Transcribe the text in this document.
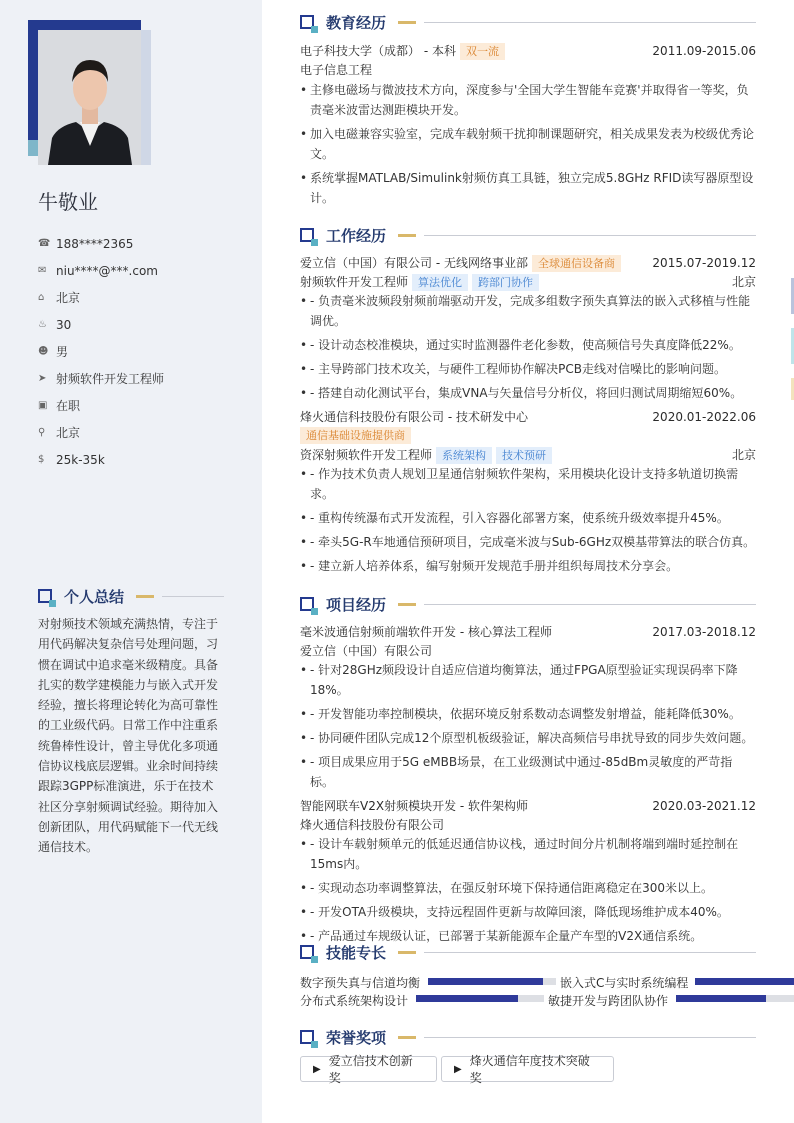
牛敬业
☎ 188****2365
✉ niu****@***.com
⌂ 北京
♨ 30
☻ 男
➤ 射频软件开发工程师
▣ 在职
⚲ 北京
$ 25k-35k
个人总结
对射频技术领域充满热情，专注于用代码解决复杂信号处理问题，习惯在调试中追求毫米级精度。具备扎实的数学建模能力与嵌入式开发经验，擅长将理论转化为高可靠性的工业级代码。日常工作中注重系统鲁棒性设计，曾主导优化多项通信协议栈底层逻辑。业余时间持续跟踪3GPP标准演进，乐于在技术社区分享射频调试经验。期待加入创新团队，用代码赋能下一代无线通信技术。
教育经历
电子科技大学（成都） - 本科 双一流	2011.09-2015.06
电子信息工程
• 主修电磁场与微波技术方向，深度参与'全国大学生智能车竞赛'并取得省一等奖，负责毫米波雷达测距模块开发。
• 加入电磁兼容实验室，完成车载射频干扰抑制课题研究，相关成果发表为校级优秀论文。
• 系统掌握MATLAB/Simulink射频仿真工具链，独立完成5.8GHz RFID读写器原型设计。
工作经历
爱立信（中国）有限公司 - 无线网络事业部 全球通信设备商	2015.07-2019.12
射频软件开发工程师 算法优化 跨部门协作	北京
• - 负责毫米波频段射频前端驱动开发，完成多组数字预失真算法的嵌入式移植与性能调优。
• - 设计动态校准模块，通过实时监测器件老化参数，使高频信号失真度降低22%。
• - 主导跨部门技术攻关，与硬件工程师协作解决PCB走线对信噪比的影响问题。
• - 搭建自动化测试平台，集成VNA与矢量信号分析仪，将回归测试周期缩短60%。
烽火通信科技股份有限公司 - 技术研发中心	2020.01-2022.06
通信基础设施提供商
资深射频软件开发工程师 系统架构 技术预研	北京
• - 作为技术负责人规划卫星通信射频软件架构，采用模块化设计支持多轨道切换需求。
• - 重构传统瀑布式开发流程，引入容器化部署方案，使系统升级效率提升45%。
• - 牵头5G-R车地通信预研项目，完成毫米波与Sub-6GHz双模基带算法的联合仿真。
• - 建立新人培养体系，编写射频开发规范手册并组织每周技术分享会。
项目经历
毫米波通信射频前端软件开发 - 核心算法工程师	2017.03-2018.12
爱立信（中国）有限公司
• - 针对28GHz频段设计自适应信道均衡算法，通过FPGA原型验证实现误码率下降18%。
• - 开发智能功率控制模块，依据环境反射系数动态调整发射增益，能耗降低30%。
• - 协同硬件团队完成12个原型机板级验证，解决高频信号串扰导致的同步失效问题。
• - 项目成果应用于5G eMBB场景，在工业级测试中通过-85dBm灵敏度的严苛指标。
智能网联车V2X射频模块开发 - 软件架构师	2020.03-2021.12
烽火通信科技股份有限公司
• - 设计车载射频单元的低延迟通信协议栈，通过时间分片机制将端到端时延控制在15ms内。
• - 实现动态功率调整算法，在强反射环境下保持通信距离稳定在300米以上。
• - 开发OTA升级模块，支持远程固件更新与故障回滚，降低现场维护成本40%。
• - 产品通过车规级认证，已部署于某新能源车企量产车型的V2X通信系统。
技能专长
数字预失真与信道均衡	嵌入式C与实时系统编程
分布式系统架构设计	敏捷开发与跨团队协作
荣誉奖项
▶
爱立信技术创新奖
▶
烽火通信年度技术突破奖
